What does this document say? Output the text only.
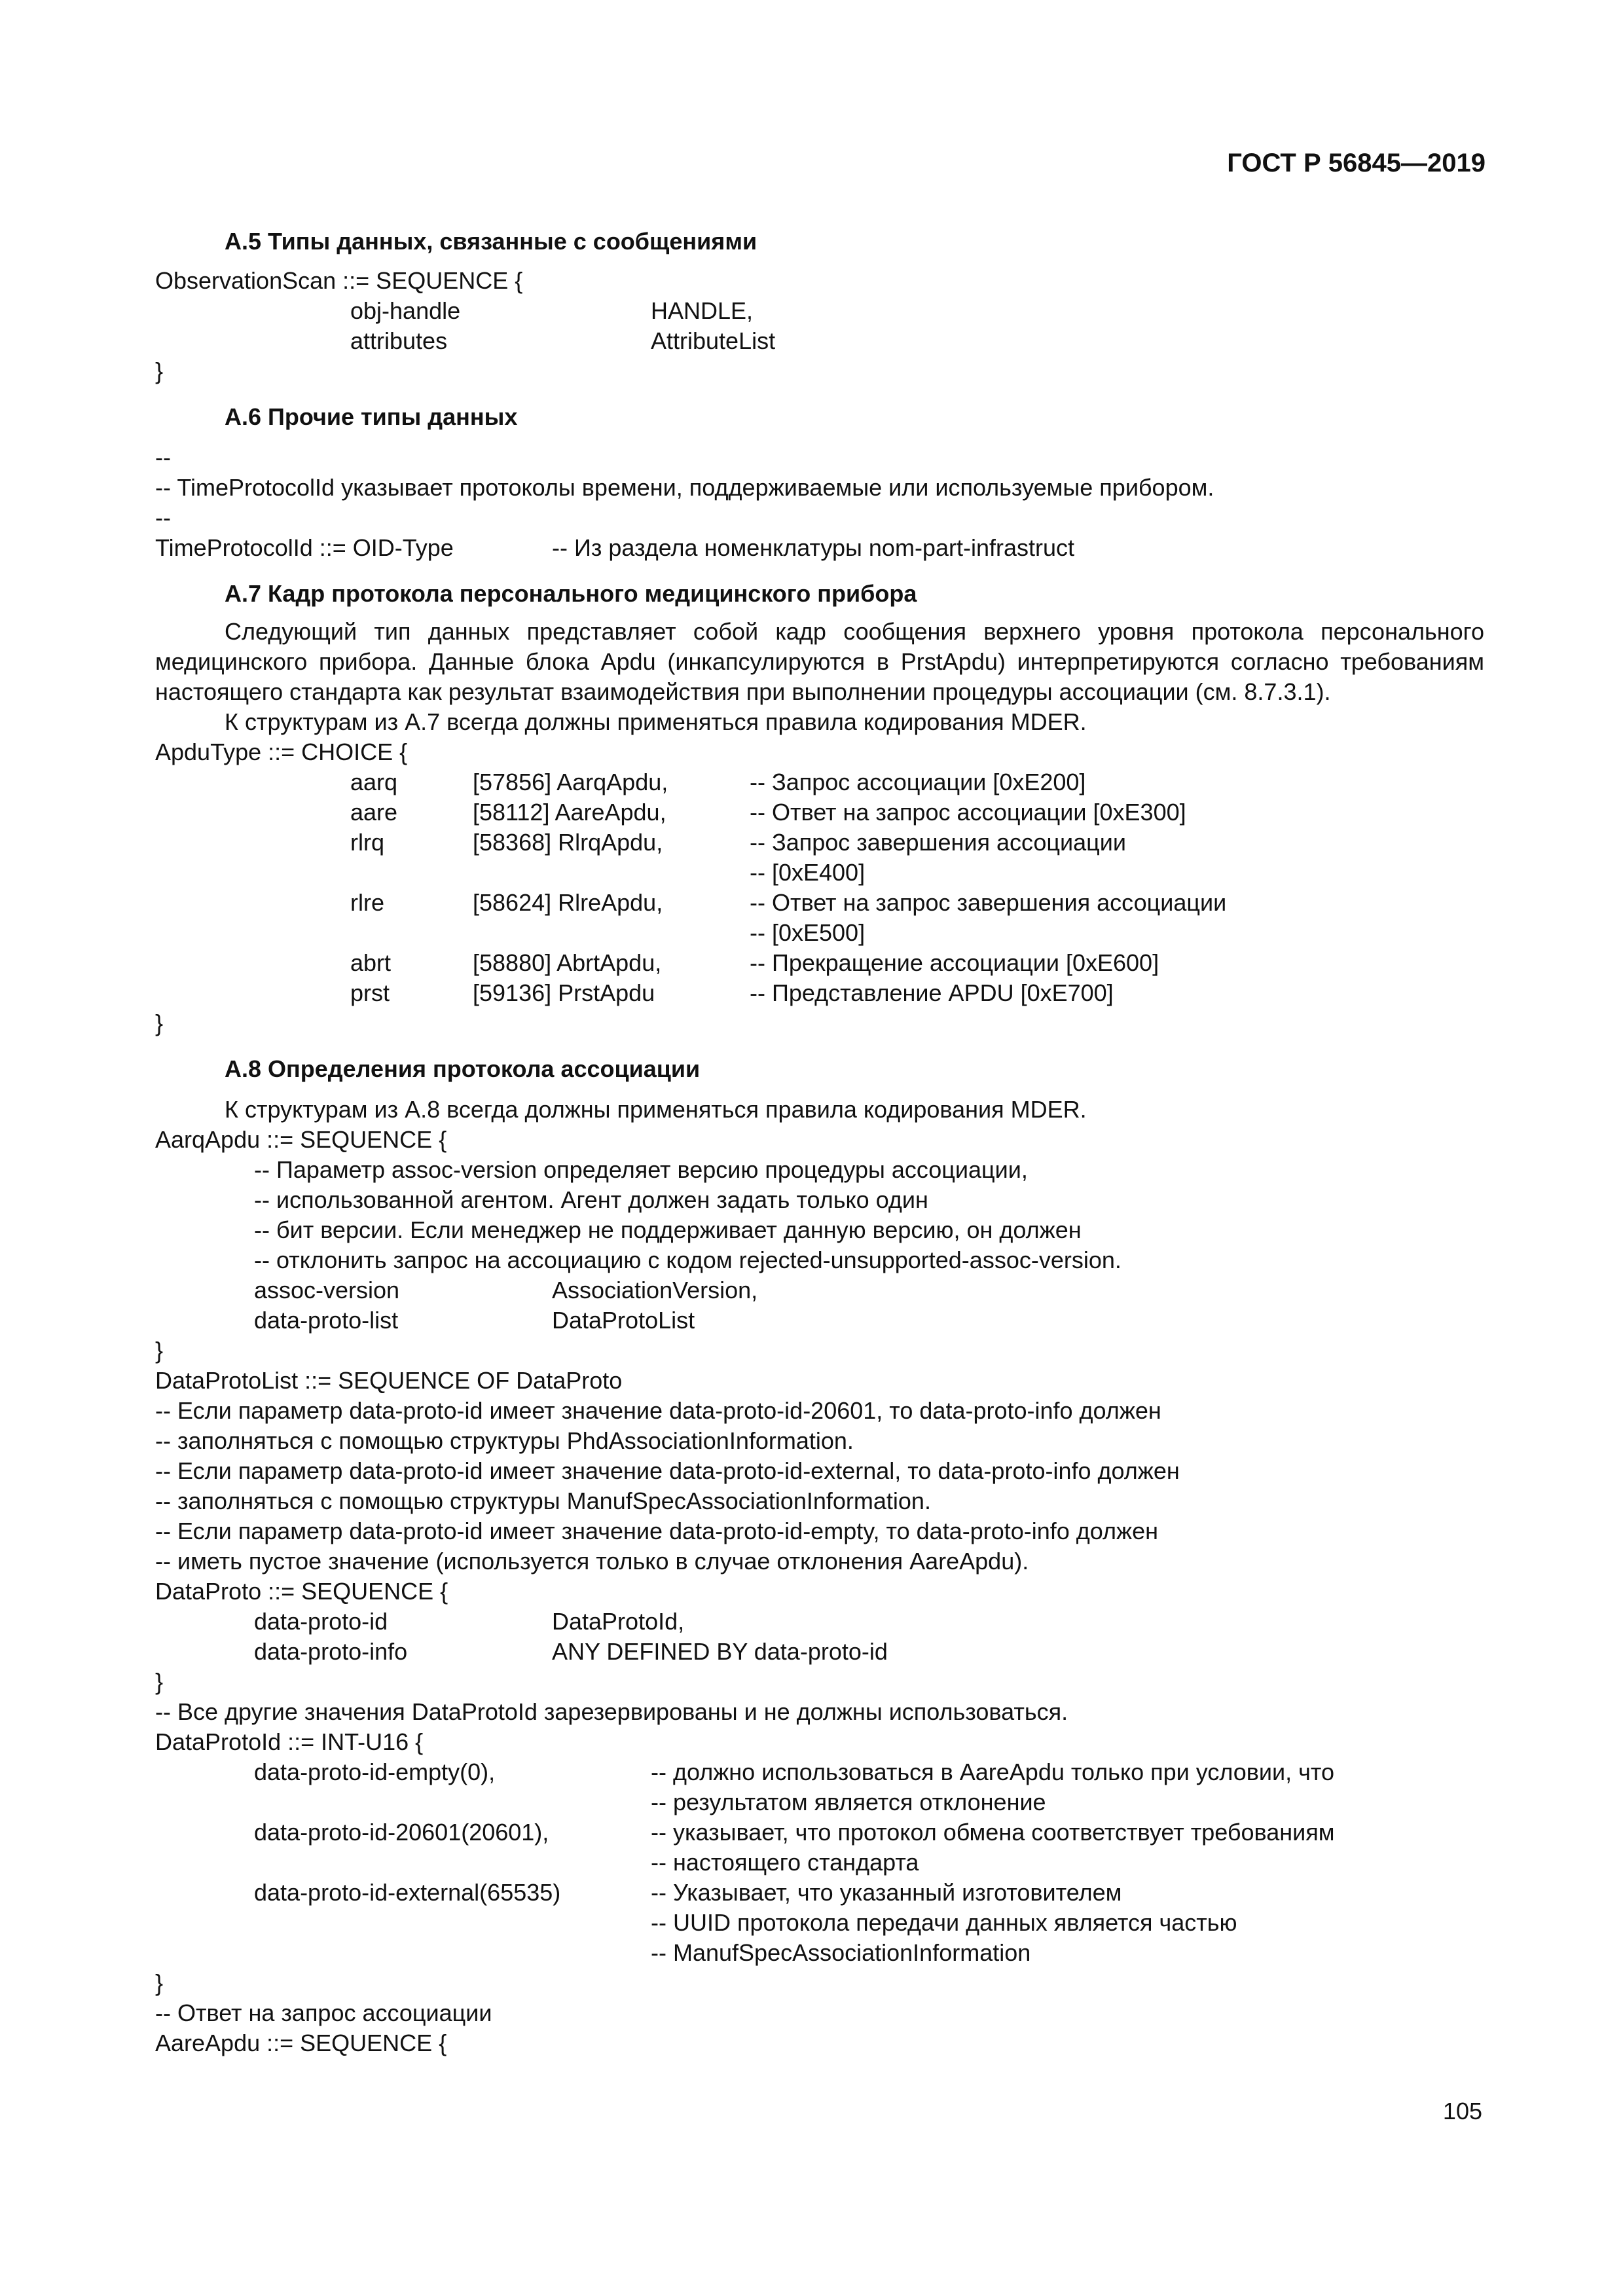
ГОСТ Р 56845—2019
А.5 Типы данных, связанные с сообщениями
ObservationScan ::= SEQUENCE {
obj-handle	HANDLE,
attributes	AttributeList
}
А.6 Прочие типы данных
--
-- TimeProtocolId указывает протоколы времени, поддерживаемые или используемые прибором.
--
TimeProtocolId ::= OID-Type	-- Из раздела номенклатуры nom-part-infrastruct
А.7 Кадр протокола персонального медицинского прибора
Следующий тип данных представляет собой кадр сообщения верхнего уровня протокола персонального медицинского прибора. Данные блока Apdu (инкапсулируются в PrstApdu) интерпретируются согласно требованиям настоящего стандарта как результат взаимодействия при выполнении процедуры ассоциации (см. 8.7.3.1).
К структурам из А.7 всегда должны применяться правила кодирования MDER.
ApduType ::= CHOICE {
aarq	[57856] AarqApdu,	-- Запрос ассоциации [0xE200]
aare	[58112] AareApdu,	-- Ответ на запрос ассоциации [0xE300]
rlrq	[58368] RlrqApdu,	-- Запрос завершения ассоциации
-- [0xE400]
rlre	[58624] RlreApdu,	-- Ответ на запрос завершения ассоциации
-- [0xE500]
abrt	[58880] AbrtApdu,	-- Прекращение ассоциации [0xE600]
prst	[59136] PrstApdu	-- Представление APDU [0xE700]
}
А.8 Определения протокола ассоциации
К структурам из А.8 всегда должны применяться правила кодирования MDER.
AarqApdu ::= SEQUENCE {
-- Параметр assoc-version определяет версию процедуры ассоциации,
-- использованной агентом. Агент должен задать только один
-- бит версии. Если менеджер не поддерживает данную версию, он должен
-- отклонить запрос на ассоциацию с кодом rejected-unsupported-assoc-version.
assoc-version	AssociationVersion,
data-proto-list	DataProtoList
}
DataProtoList ::= SEQUENCE OF DataProto
-- Если параметр data-proto-id имеет значение data-proto-id-20601, то data-proto-info должен
-- заполняться с помощью структуры PhdAssociationInformation.
-- Если параметр data-proto-id имеет значение data-proto-id-external, то data-proto-info должен
-- заполняться с помощью структуры ManufSpecAssociationInformation.
-- Если параметр data-proto-id имеет значение data-proto-id-empty, то data-proto-info должен
-- иметь пустое значение (используется только в случае отклонения AareApdu).
DataProto ::= SEQUENCE {
data-proto-id	DataProtoId,
data-proto-info	ANY DEFINED BY data-proto-id
}
-- Все другие значения DataProtoId зарезервированы и не должны использоваться.
DataProtoId ::= INT-U16 {
data-proto-id-empty(0),	-- должно использоваться в AareApdu только при условии, что
-- результатом является отклонение
data-proto-id-20601(20601),	-- указывает, что протокол обмена соответствует требованиям
-- настоящего стандарта
data-proto-id-external(65535)	-- Указывает, что указанный изготовителем
-- UUID протокола передачи данных является частью
-- ManufSpecAssociationInformation
}
-- Ответ на запрос ассоциации
AareApdu ::= SEQUENCE {
105
